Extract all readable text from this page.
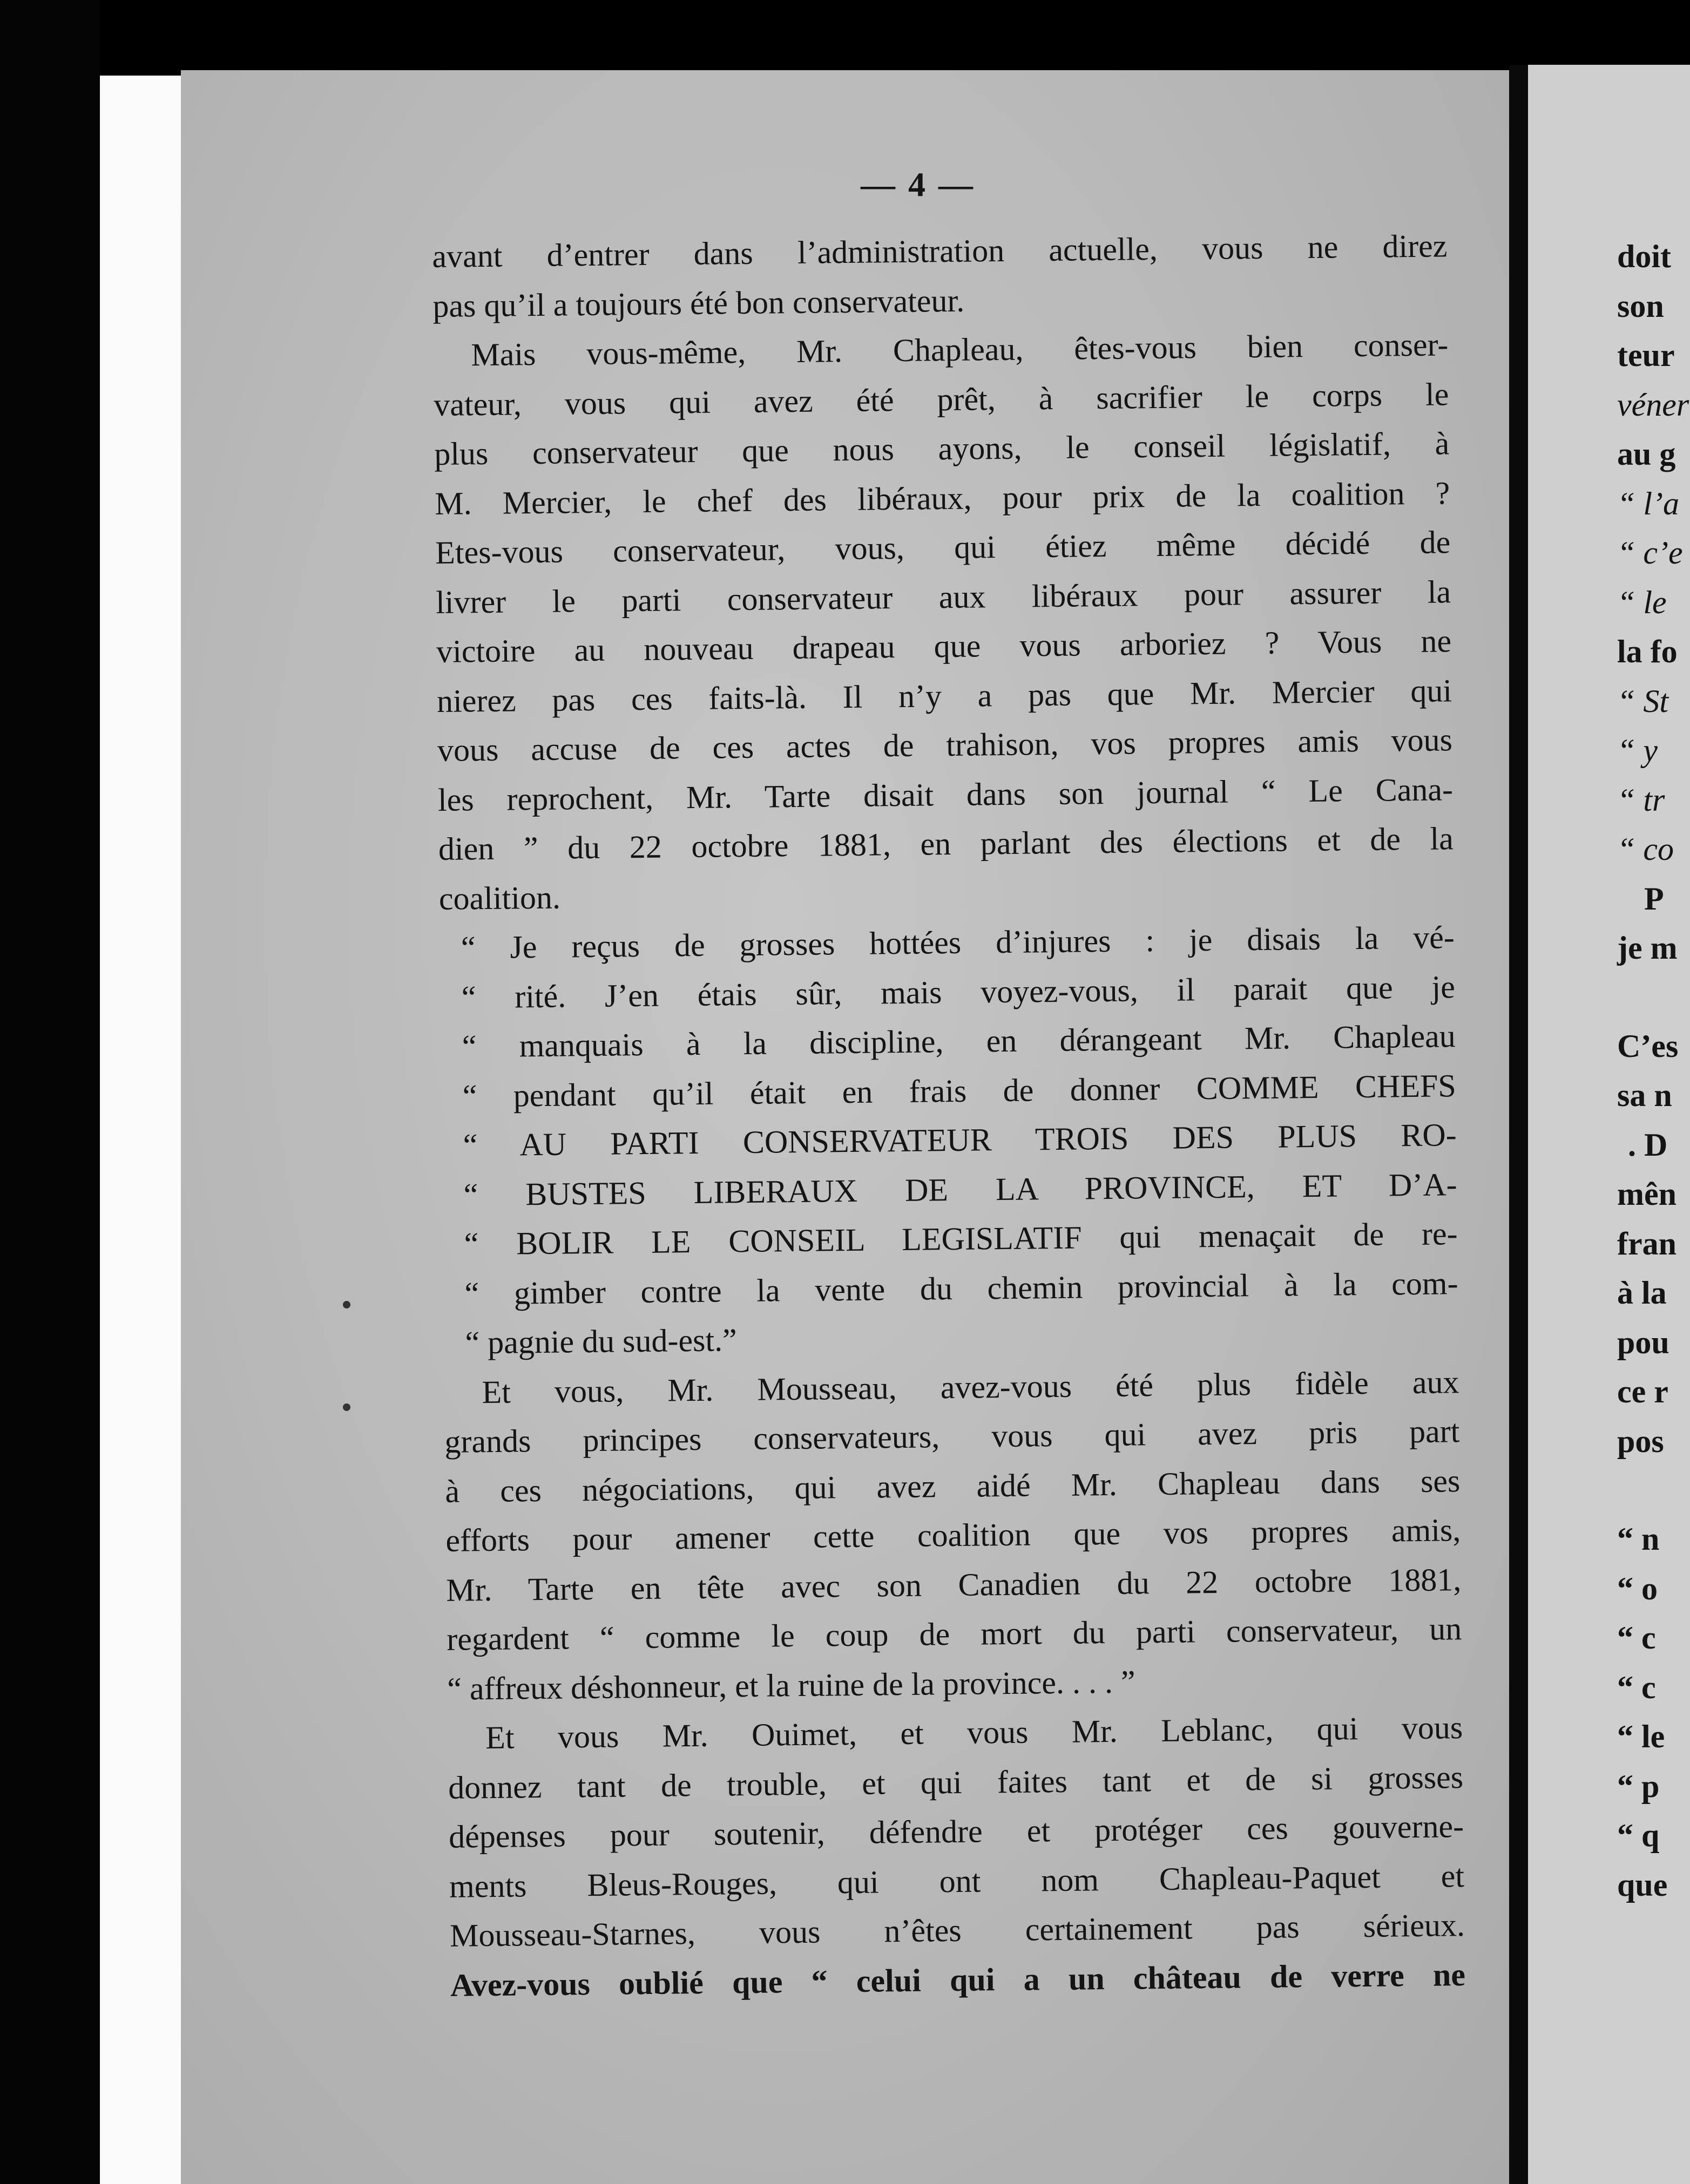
— 4 —
avant d’entrer dans l’administration actuelle, vous ne direz
pas qu’il a toujours été bon conservateur.
Mais vous-même, Mr. Chapleau, êtes-vous bien conser-
vateur, vous qui avez été prêt, à sacrifier le corps le
plus conservateur que nous ayons, le conseil législatif, à
M. Mercier, le chef des libéraux, pour prix de la coalition ?
Etes-vous conservateur, vous, qui étiez même décidé de
livrer le parti conservateur aux libéraux pour assurer la
victoire au nouveau drapeau que vous arboriez ? Vous ne
nierez pas ces faits-là. Il n’y a pas que Mr. Mercier qui
vous accuse de ces actes de trahison, vos propres amis vous
les reprochent, Mr. Tarte disait dans son journal “ Le Cana-
dien ” du 22 octobre 1881, en parlant des élections et de la
coalition.
“ Je reçus de grosses hottées d’injures : je disais la vé-
“ rité. J’en étais sûr, mais voyez-vous, il parait que je
“ manquais à la discipline, en dérangeant Mr. Chapleau
“ pendant qu’il était en frais de donner COMME CHEFS
“ AU PARTI CONSERVATEUR TROIS DES PLUS RO-
“ BUSTES LIBERAUX DE LA PROVINCE, ET D’A-
“ BOLIR LE CONSEIL LEGISLATIF qui menaçait de re-
“ gimber contre la vente du chemin provincial à la com-
“ pagnie du sud-est.”
Et vous, Mr. Mousseau, avez-vous été plus fidèle aux
grands principes conservateurs, vous qui avez pris part
à ces négociations, qui avez aidé Mr. Chapleau dans ses
efforts pour amener cette coalition que vos propres amis,
Mr. Tarte en tête avec son Canadien du 22 octobre 1881,
regardent “ comme le coup de mort du parti conservateur, un
“ affreux déshonneur, et la ruine de la province. . . . ”
Et vous Mr. Ouimet, et vous Mr. Leblanc, qui vous
donnez tant de trouble, et qui faites tant et de si grosses
dépenses pour soutenir, défendre et protéger ces gouverne-
ments Bleus-Rouges, qui ont nom Chapleau-Paquet et
Mousseau-Starnes, vous n’êtes certainement pas sérieux.
Avez-vous oublié que “ celui qui a un château de verre ne
doit
son
teur
véner
au g
“ l’a
“ c’e
“ le
la fo
“ St
“ y
“ tr
“ co
P
je m
C’es
sa n
. D
mên
fran
à la
pou
ce r
pos
“ n
“ o
“ c
“ c
“ le
“ p
“ q
que
